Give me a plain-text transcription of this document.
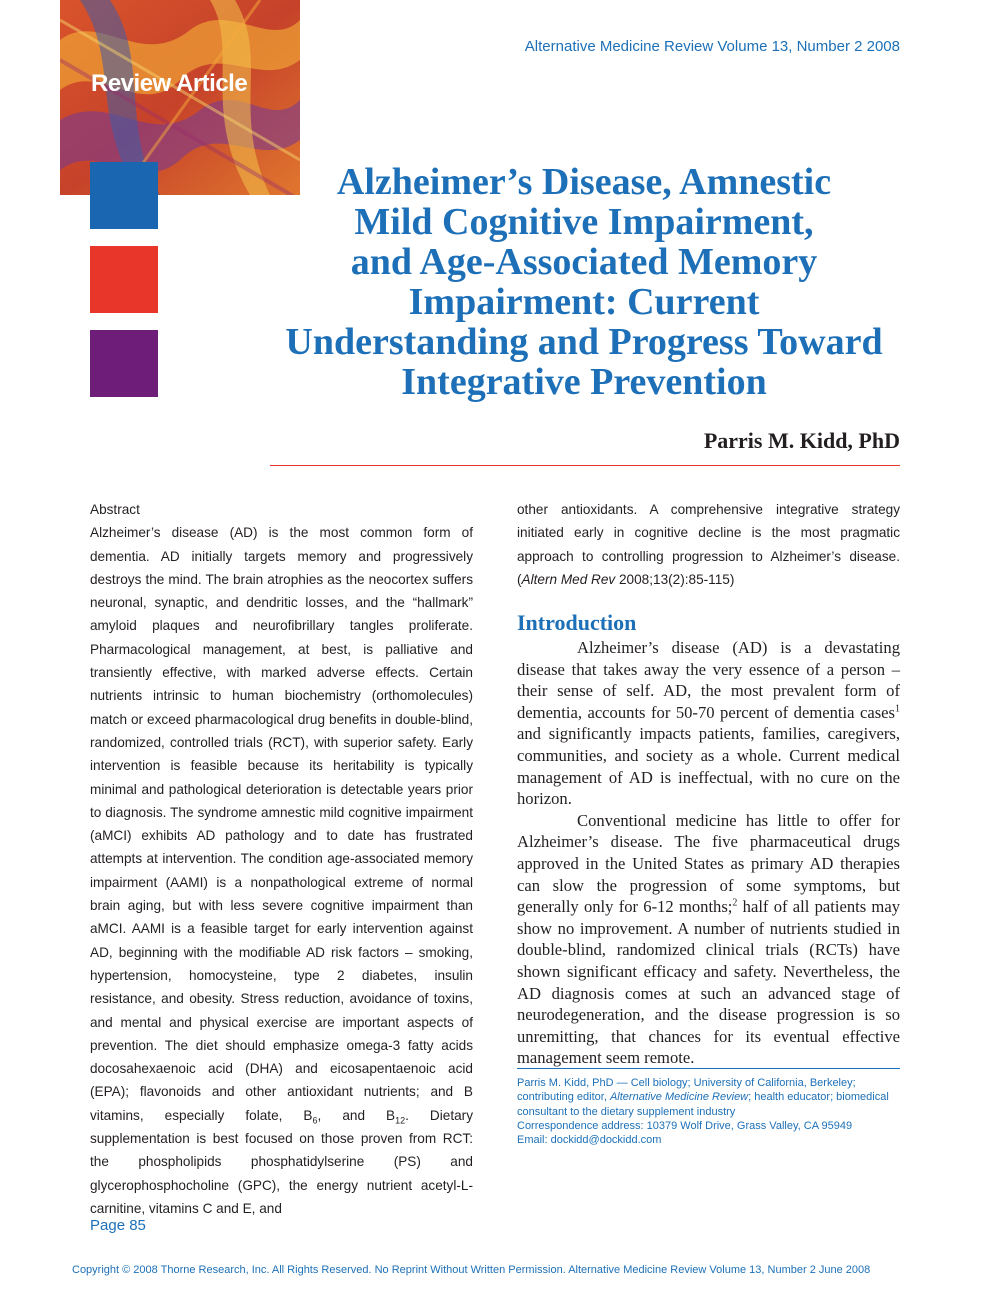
Review Article
Alternative Medicine Review Volume 13, Number 2 2008
Alzheimer’s Disease, Amnestic
Mild Cognitive Impairment,
and Age-Associated Memory
Impairment: Current
Understanding and Progress Toward
Integrative Prevention
Parris M. Kidd, PhD

Abstract

Alzheimer’s disease (AD) is the most common form of dementia. AD initially targets memory and progressively destroys the mind. The brain atrophies as the neocortex suffers neuronal, synaptic, and dendritic losses, and the “hallmark” amyloid plaques and neurofibrillary tangles proliferate. Pharmacological management, at best, is palliative and transiently effective, with marked adverse effects. Certain nutrients intrinsic to human biochemistry (orthomolecules) match or exceed pharmacological drug benefits in double-blind, randomized, controlled trials (RCT), with superior safety. Early intervention is feasible because its heritability is typically minimal and pathological deterioration is detectable years prior to diagnosis. The syndrome amnestic mild cognitive impairment (aMCI) exhibits AD pathology and to date has frustrated attempts at intervention. The condition age-associated memory impairment (AAMI) is a nonpathological extreme of normal brain aging, but with less severe cognitive impairment than aMCI. AAMI is a feasible target for early intervention against AD, beginning with the modifiable AD risk factors – smoking, hypertension, homocysteine, type 2 diabetes, insulin resistance, and obesity. Stress reduction, avoidance of toxins, and mental and physical exercise are important aspects of prevention. The diet should emphasize omega-3 fatty acids docosahexaenoic acid (DHA) and eicosapentaenoic acid (EPA); flavonoids and other antioxidant nutrients; and B vitamins, especially folate, $B_6$, and $B_{12}$. Dietary supplementation is best focused on those proven from RCT: the phospholipids phosphatidylserine (PS) and glycerophosphocholine (GPC), the energy nutrient acetyl-L-carnitine, vitamins C and E, and

other antioxidants. A comprehensive integrative strategy initiated early in cognitive decline is the most pragmatic approach to controlling progression to Alzheimer’s disease. (Altern Med Rev 2008;13(2):85-115)
Introduction

Alzheimer’s disease (AD) is a devastating disease that takes away the very essence of a person – their sense of self. AD, the most prevalent form of dementia, accounts for 50-70 percent of dementia cases$^1$ and significantly impacts patients, families, caregivers, communities, and society as a whole. Current medical management of AD is ineffectual, with no cure on the horizon.

Conventional medicine has little to offer for Alzheimer’s disease. The five pharmaceutical drugs approved in the United States as primary AD therapies can slow the progression of some symptoms, but generally only for 6-12 months;$^2$ half of all patients may show no improvement. A number of nutrients studied in double-blind, randomized clinical trials (RCTs) have shown significant efficacy and safety. Nevertheless, the AD diagnosis comes at such an advanced stage of neurodegeneration, and the disease progression is so unremitting, that chances for its eventual effective management seem remote.

Parris M. Kidd, PhD — Cell biology; University of California, Berkeley; contributing editor, Alternative Medicine Review; health educator; biomedical consultant to the dietary supplement industry
Correspondence address: 10379 Wolf Drive, Grass Valley, CA 95949
Email: dockidd@dockidd.com
Page 85
Copyright © 2008 Thorne Research, Inc. All Rights Reserved. No Reprint Without Written Permission. Alternative Medicine Review Volume 13, Number 2 June 2008
